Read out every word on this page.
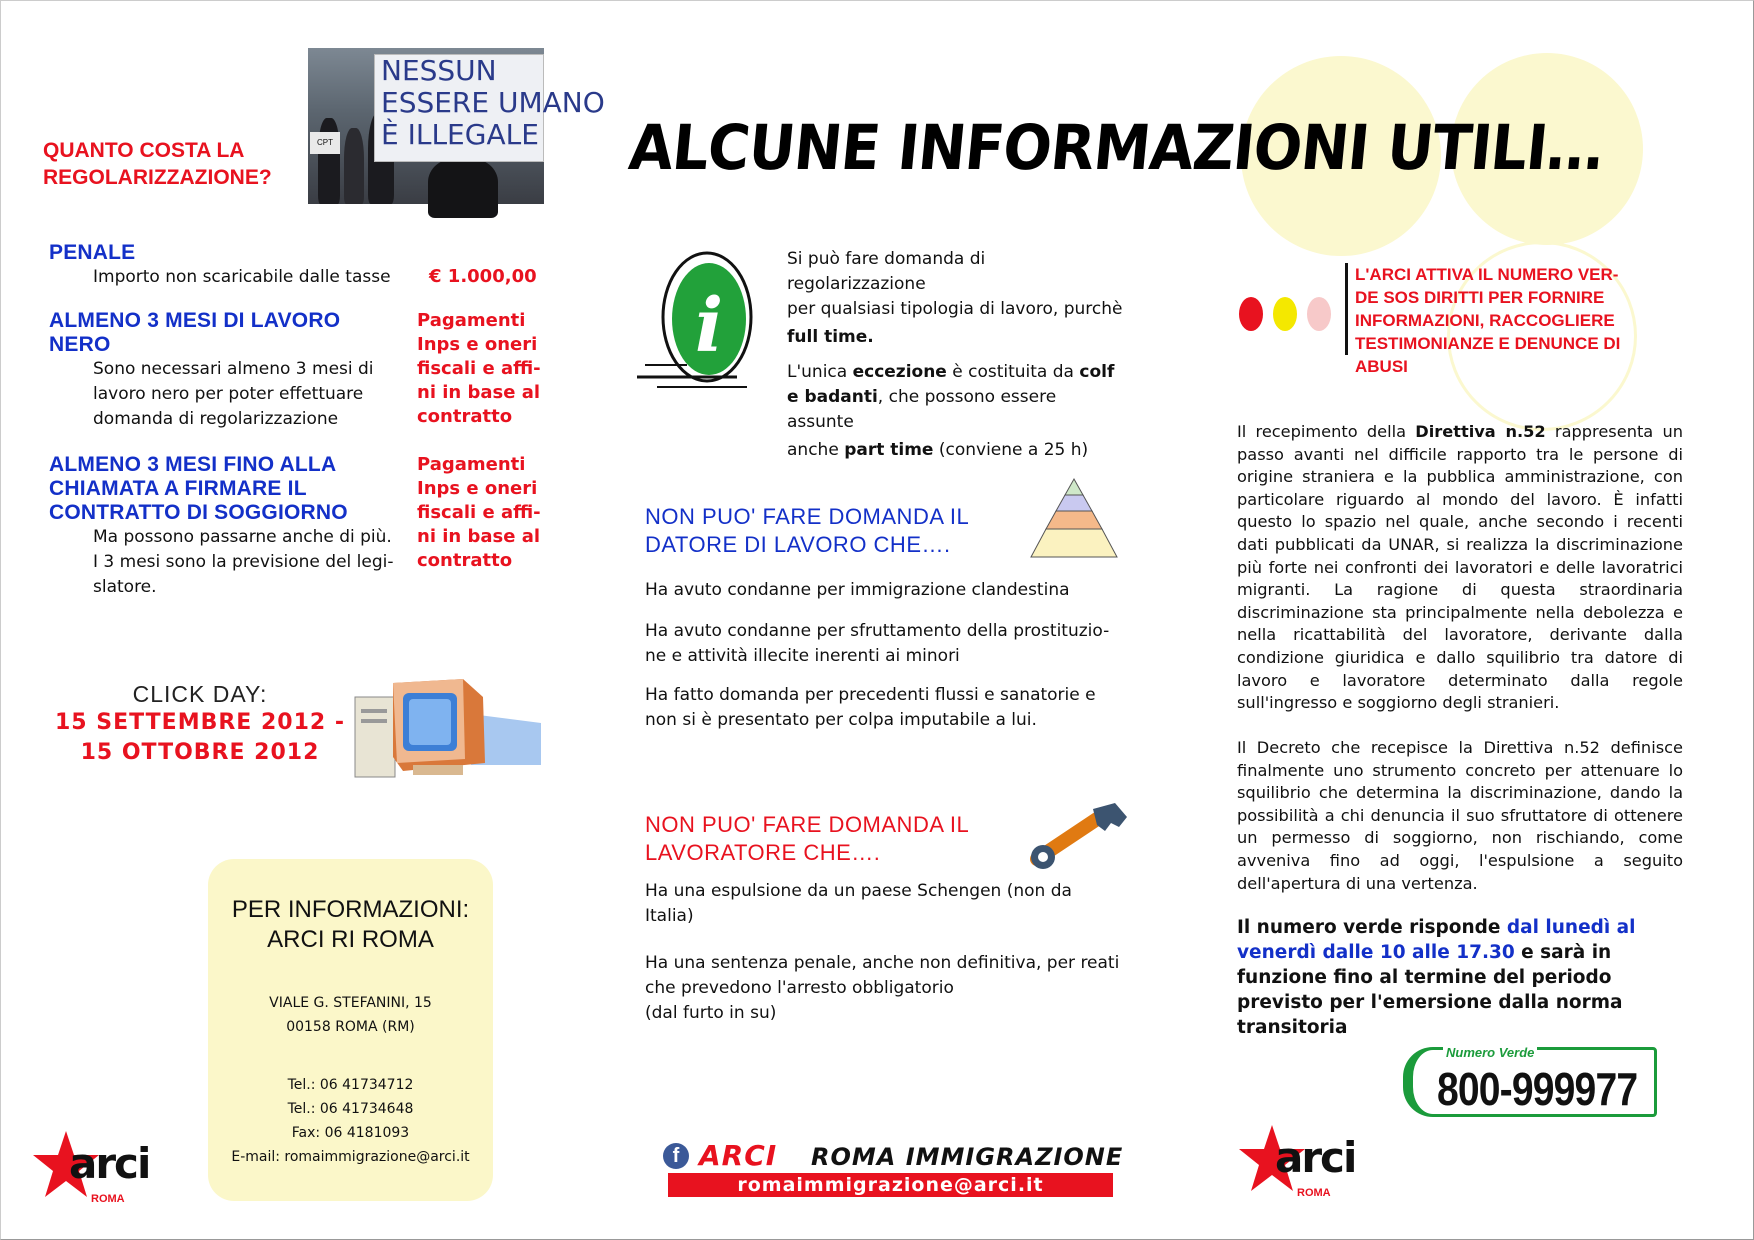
ALCUNE INFORMAZIONI UTILI…
QUANTO COSTA LA
REGOLARIZZAZIONE?
CPT
NESSUN
ESSERE UMANO
È ILLEGALE
PENALE
Importo non scaricabile dalle tasse € 1.000,00
ALMENO 3 MESI DI LAVORO
NERO
Sono necessari almeno 3 mesi di
lavoro nero per poter effettuare
domanda di regolarizzazione
Pagamenti
Inps e oneri
fiscali e affi-
ni in base al
contratto
ALMENO 3 MESI FINO ALLA
CHIAMATA A FIRMARE IL
CONTRATTO DI SOGGIORNO
Ma possono passarne anche di più.
I 3 mesi sono la previsione del legi-
slatore.
Pagamenti
Inps e oneri
fiscali e affi-
ni in base al
contratto
CLICK DAY:
15 SETTEMBRE 2012 -
15 OTTOBRE 2012
PER INFORMAZIONI:
ARCI RI ROMA
VIALE G. STEFANINI, 15
00158 ROMA (RM)
Tel.: 06 41734712
Tel.: 06 41734648
Fax: 06 4181093
E-mail: romaimmigrazione@arci.it
arci
ROMA
i
Si può fare domanda di regolarizzazione
per qualsiasi tipologia di lavoro, purchè
full time.
L'unica eccezione è costituita da colf
e badanti, che possono essere assunte
anche part time (conviene a 25 h)
NON PUO' FARE DOMANDA IL
DATORE DI LAVORO CHE….
Ha avuto condanne per immigrazione clandestina
Ha avuto condanne per sfruttamento della prostituzio-
ne e attività illecite inerenti ai minori
Ha fatto domanda per precedenti flussi e sanatorie e
non si è presentato per colpa imputabile a lui.
NON PUO' FARE DOMANDA IL
LAVORATORE CHE….
Ha una espulsione da un paese Schengen (non da Italia)
Ha una sentenza penale, anche non definitiva, per reati
che prevedono l'arresto obbligatorio
(dal furto in su)
f ARCI ROMA IMMIGRAZIONE
romaimmigrazione@arci.it
L'ARCI ATTIVA IL NUMERO VER-
DE SOS DIRITTI PER FORNIRE
INFORMAZIONI, RACCOGLIERE
TESTIMONIANZE E DENUNCE DI
ABUSI
Il recepimento della Direttiva n.52 rappresenta un passo avanti nel difficile rapporto tra le persone di origine straniera e la pubblica amministrazione, con particolare riguardo al mondo del lavoro. È infatti questo lo spazio nel quale, anche secondo i recenti dati pubblicati da UNAR, si realizza la discriminazione più forte nei confronti dei lavoratori e delle lavoratrici migranti. La ragione di questa straordinaria discriminazione sta principalmente nella debolezza e nella ricattabilità del lavoratore, derivante dalla condizione giuridica e dallo squilibrio tra datore di lavoro e lavoratore determinato dalla regole sull'ingresso e soggiorno degli stranieri.
Il Decreto che recepisce la Direttiva n.52 definisce finalmente uno strumento concreto per attenuare lo squilibrio che determina la discriminazione, dando la possibilità a chi denuncia il suo sfruttatore di ottenere un permesso di soggiorno, non rischiando, come avveniva fino ad oggi, l'espulsione a seguito dell'apertura di una vertenza.
Il numero verde risponde dal lunedì al venerdì dalle 10 alle 17.30 e sarà in funzione fino al termine del periodo previsto per l'emersione dalla norma transitoria
Numero Verde
800-999977
arci
ROMA
